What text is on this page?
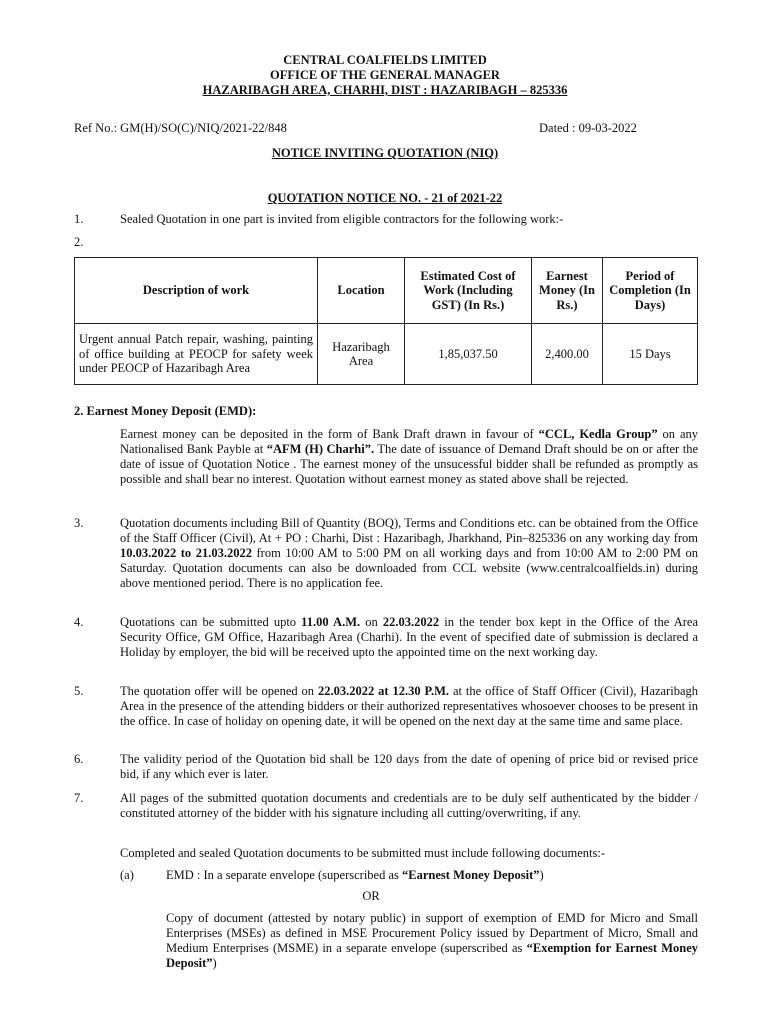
CENTRAL COALFIELDS LIMITED
OFFICE OF THE GENERAL MANAGER
HAZARIBAGH AREA, CHARHI, DIST : HAZARIBAGH – 825336
Ref No.: GM(H)/SO(C)/NIQ/2021-22/848	Dated : 09-03-2022
NOTICE INVITING QUOTATION (NIQ)
QUOTATION NOTICE NO. - 21 of 2021-22
1.	Sealed Quotation in one part is invited from eligible contractors for the following work:-
2.
Description of work	Location	Estimated Cost of Work (Including GST) (In Rs.)	Earnest Money (In Rs.)	Period of Completion (In Days)
Urgent annual Patch repair, washing, painting of office building at PEOCP for safety week under PEOCP of Hazaribagh Area	Hazaribagh Area	1,85,037.50	2,400.00	15 Days
2. Earnest Money Deposit (EMD):
Earnest money can be deposited in the form of Bank Draft drawn in favour of “CCL, Kedla Group” on any Nationalised Bank Payble at “AFM (H) Charhi”. The date of issuance of Demand Draft should be on or after the date of issue of Quotation Notice . The earnest money of the unsucessful bidder shall be refunded as promptly as possible and shall bear no interest. Quotation without earnest money as stated above shall be rejected.
3.	Quotation documents including Bill of Quantity (BOQ), Terms and Conditions etc. can be obtained from the Office of the Staff Officer (Civil), At + PO : Charhi, Dist : Hazaribagh, Jharkhand, Pin–825336 on any working day from 10.03.2022 to 21.03.2022 from 10:00 AM to 5:00 PM on all working days and from 10:00 AM to 2:00 PM on Saturday. Quotation documents can also be downloaded from CCL website (www.centralcoalfields.in) during above mentioned period. There is no application fee.
4.	Quotations can be submitted upto 11.00 A.M. on 22.03.2022 in the tender box kept in the Office of the Area Security Office, GM Office, Hazaribagh Area (Charhi). In the event of specified date of submission is declared a Holiday by employer, the bid will be received upto the appointed time on the next working day.
5.	The quotation offer will be opened on 22.03.2022 at 12.30 P.M. at the office of Staff Officer (Civil), Hazaribagh Area in the presence of the attending bidders or their authorized representatives whosoever chooses to be present in the office. In case of holiday on opening date, it will be opened on the next day at the same time and same place.
6.	The validity period of the Quotation bid shall be 120 days from the date of opening of price bid or revised price bid, if any which ever is later.
7.	All pages of the submitted quotation documents and credentials are to be duly self authenticated by the bidder / constituted attorney of the bidder with his signature including all cutting/overwriting, if any.
Completed and sealed Quotation documents to be submitted must include following documents:-
(a)	EMD : In a separate envelope (superscribed as “Earnest Money Deposit”)
OR
Copy of document (attested by notary public) in support of exemption of EMD for Micro and Small Enterprises (MSEs) as defined in MSE Procurement Policy issued by Department of Micro, Small and Medium Enterprises (MSME) in a separate envelope (superscribed as “Exemption for Earnest Money Deposit”)
